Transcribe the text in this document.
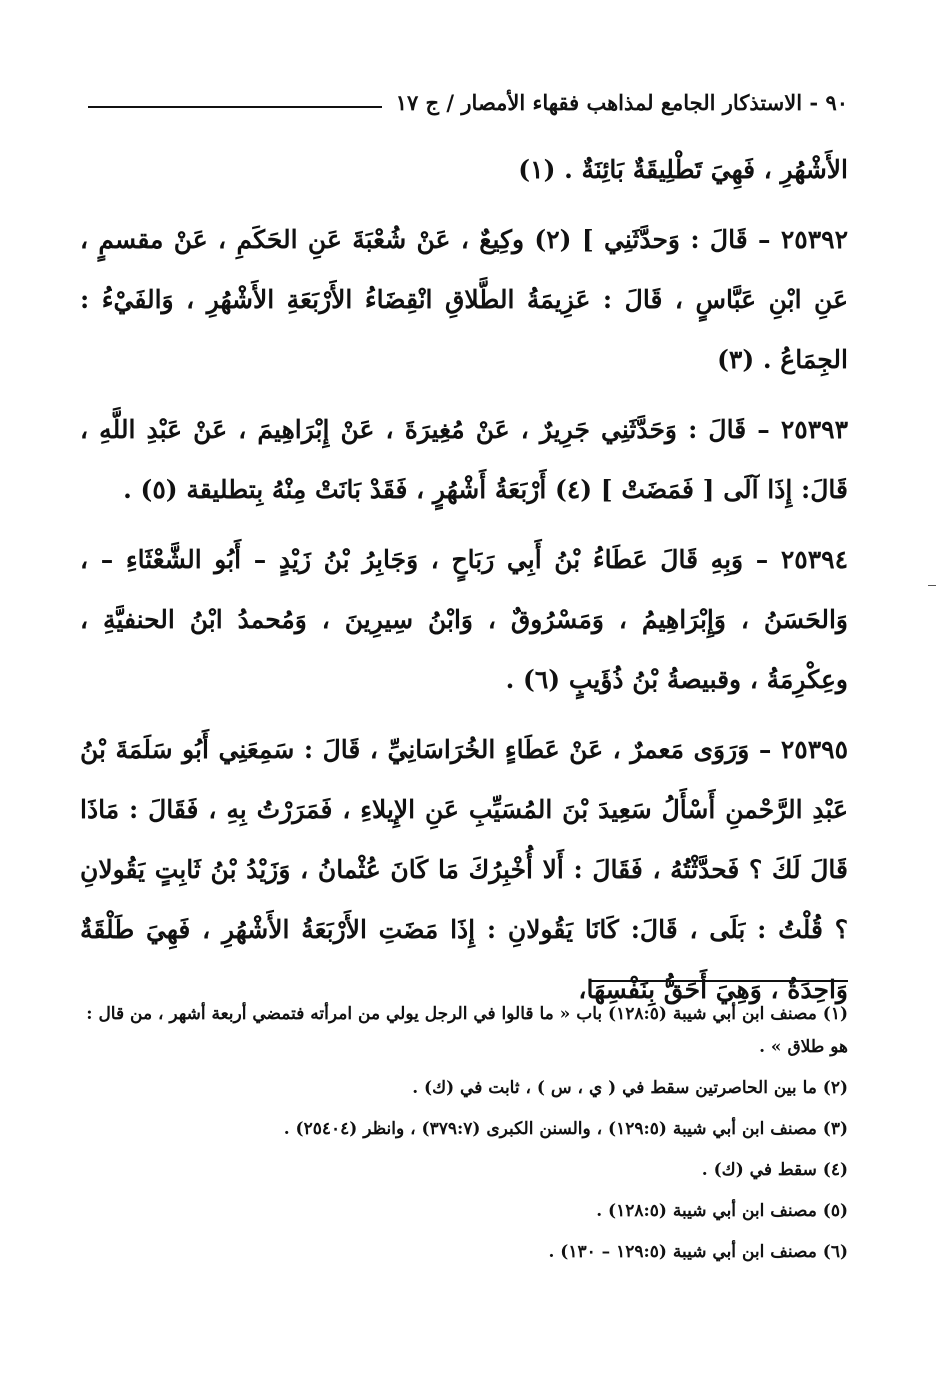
٩٠ - الاستذكار الجامع لمذاهب فقهاء الأمصار / ج ١٧

الأَشْهُرِ ، فَهِيَ تَطْلِيقَةٌ بَائِنَةٌ . (١)

٢٥٣٩٢ – قَالَ : وَحدَّثَنِي ] (٢) وكِيعٌ ، عَنْ شُعْبَةَ عَنِ الحَكَمِ ، عَنْ مقسمٍ ، عَنِ ابْنِ عَبَّاسٍ ، قَالَ : عَزِيمَةُ الطَّلاقِ انْقِضَاءُ الأَرْبَعَةِ الأَشْهُرِ ، وَالفَيْءُ : الجِمَاعُ . (٣)

٢٥٣٩٣ – قَالَ : وَحَدَّثَنِي جَرِيرٌ ، عَنْ مُغِيرَةَ ، عَنْ إِبْرَاهِيمَ ، عَنْ عَبْدِ اللَّهِ ، قَالَ: إِذَا آلَى [ فَمَضَتْ ] (٤) أَرْبَعَةُ أَشْهُرٍ ، فَقَدْ بَانَتْ مِنْهُ بِتطليقة (٥) .

٢٥٣٩٤ – وَبِهِ قَالَ عَطَاءُ بْنُ أَبِي رَبَاحٍ ، وَجَابِرُ بْنُ زَيْدٍ – أَبُو الشَّعْثَاءِ – ، وَالحَسَنُ ، وَإِبْرَاهِيمُ ، وَمَسْرُوقٌ ، وَابْنُ سِيرِينَ ، وَمُحمدُ ابْنُ الحنفيَّةِ ، وعِكْرِمَةُ ، وقبيصةُ بْنُ ذُؤَيبٍ (٦) .

٢٥٣٩٥ – وَرَوَى مَعمرٌ ، عَنْ عَطَاءٍ الخُرَاسَانِيِّ ، قَالَ : سَمِعَنِي أَبُو سَلَمَةَ بْنُ عَبْدِ الرَّحْمنِ أَسْأَلُ سَعِيدَ بْنَ المُسَيِّبِ عَنِ الإِيلاءِ ، فَمَرَرْتُ بِهِ ، فَقَالَ : مَاذَا قَالَ لَكَ ؟ فَحدَّثْتُهُ ، فَقَالَ : أَلا أُخْبِرُكَ مَا كَانَ عُثْمانُ ، وَزَيْدُ بْنُ ثَابِتٍ يَقُولانِ ؟ قُلْتُ : بَلَى ، قَالَ: كَانَا يَقُولانِ : إِذَا مَضَتِ الأَرْبَعَةُ الأَشْهُرِ ، فَهِيَ طَلْقَةٌ وَاحِدَةٌ ، وَهِيَ أَحَقُّ بِنَفْسِهَا،

(١) مصنف ابن أبي شيبة (١٢٨:٥) باب « ما قالوا في الرجل يولي من امرأته فتمضي أربعة أشهر ، من قال : هو طلاق » .

(٢) ما بين الحاصرتين سقط في ( ي ، س ) ، ثابت في (ك) .

(٣) مصنف ابن أبي شيبة (١٢٩:٥) ، والسنن الكبرى (٣٧٩:٧) ، وانظر (٢٥٤٠٤) .

(٤) سقط في (ك) .

(٥) مصنف ابن أبي شيبة (١٢٨:٥) .

(٦) مصنف ابن أبي شيبة (١٢٩:٥ – ١٣٠) .
